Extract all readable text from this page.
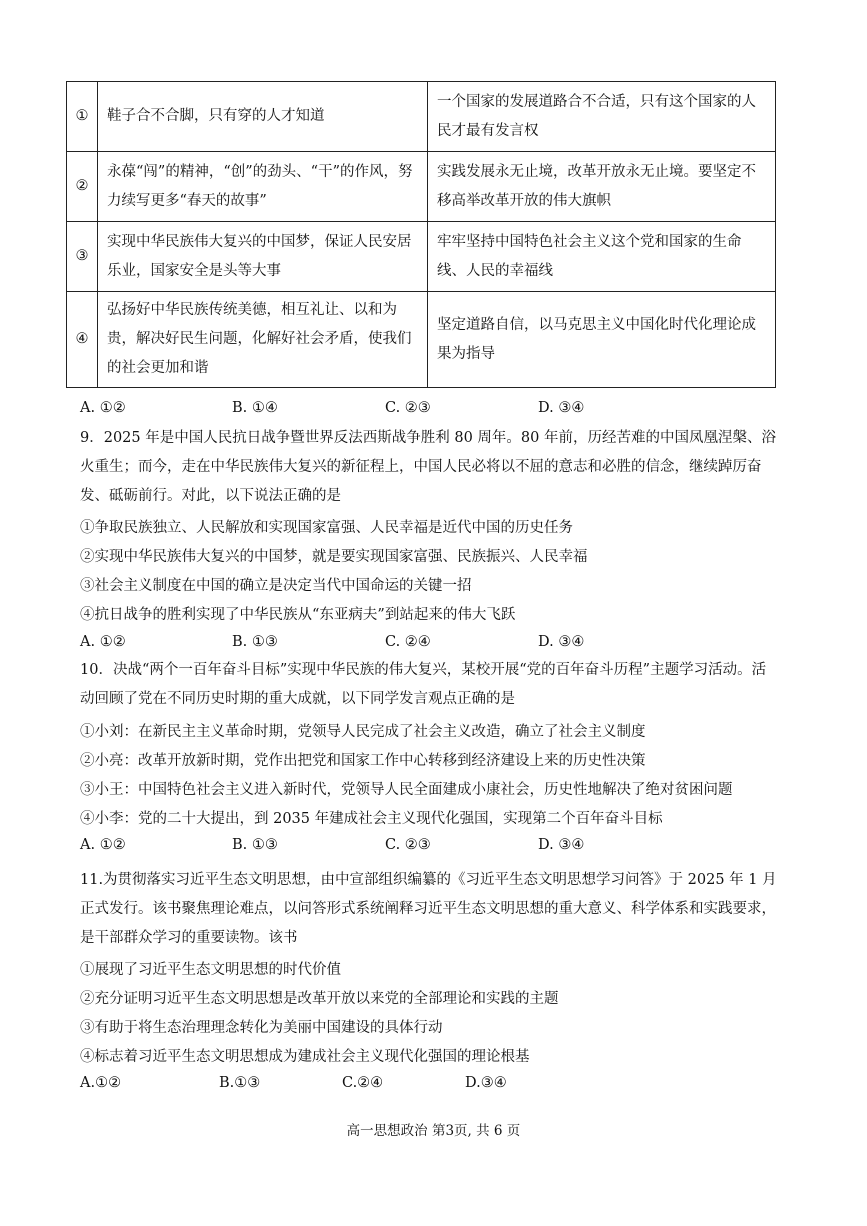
①	鞋子合不合脚，只有穿的人才知道	一个国家的发展道路合不合适，只有这个国家的人民才最有发言权
②	永葆“闯”的精神，“创”的劲头、“干”的作风，努力续写更多“春天的故事”	实践发展永无止境，改革开放永无止境。要坚定不移高举改革开放的伟大旗帜
③	实现中华民族伟大复兴的中国梦，保证人民安居乐业，国家安全是头等大事	牢牢坚持中国特色社会主义这个党和国家的生命线、人民的幸福线
④	弘扬好中华民族传统美德，相互礼让、以和为贵，解决好民生问题，化解好社会矛盾，使我们的社会更加和谐	坚定道路自信，以马克思主义中国化时代化理论成果为指导
A. ①②	B. ①④	C. ②③	D. ③④
9．2025 年是中国人民抗日战争暨世界反法西斯战争胜利 80 周年。80 年前，历经苦难的中国凤凰涅槃、浴火重生；而今，走在中华民族伟大复兴的新征程上，中国人民必将以不屈的意志和必胜的信念，继续踔厉奋发、砥砺前行。对此，以下说法正确的是
①争取民族独立、人民解放和实现国家富强、人民幸福是近代中国的历史任务
②实现中华民族伟大复兴的中国梦，就是要实现国家富强、民族振兴、人民幸福
③社会主义制度在中国的确立是决定当代中国命运的关键一招
④抗日战争的胜利实现了中华民族从“东亚病夫”到站起来的伟大飞跃
A. ①②	B. ①③	C. ②④	D. ③④
10．决战“两个一百年奋斗目标”实现中华民族的伟大复兴，某校开展“党的百年奋斗历程”主题学习活动。活动回顾了党在不同历史时期的重大成就，以下同学发言观点正确的是
①小刘：在新民主主义革命时期，党领导人民完成了社会主义改造，确立了社会主义制度
②小亮：改革开放新时期，党作出把党和国家工作中心转移到经济建设上来的历史性决策
③小王：中国特色社会主义进入新时代，党领导人民全面建成小康社会，历史性地解决了绝对贫困问题
④小李：党的二十大提出，到 2035 年建成社会主义现代化强国，实现第二个百年奋斗目标
A. ①②	B. ①③	C. ②③	D. ③④
11.为贯彻落实习近平生态文明思想，由中宣部组织编纂的《习近平生态文明思想学习问答》于 2025 年 1 月正式发行。该书聚焦理论难点，以问答形式系统阐释习近平生态文明思想的重大意义、科学体系和实践要求，是干部群众学习的重要读物。该书
①展现了习近平生态文明思想的时代价值
②充分证明习近平生态文明思想是改革开放以来党的全部理论和实践的主题
③有助于将生态治理理念转化为美丽中国建设的具体行动
④标志着习近平生态文明思想成为建成社会主义现代化强国的理论根基
A.①②	B.①③	C.②④	D.③④
高一思想政治 第3页, 共 6 页
